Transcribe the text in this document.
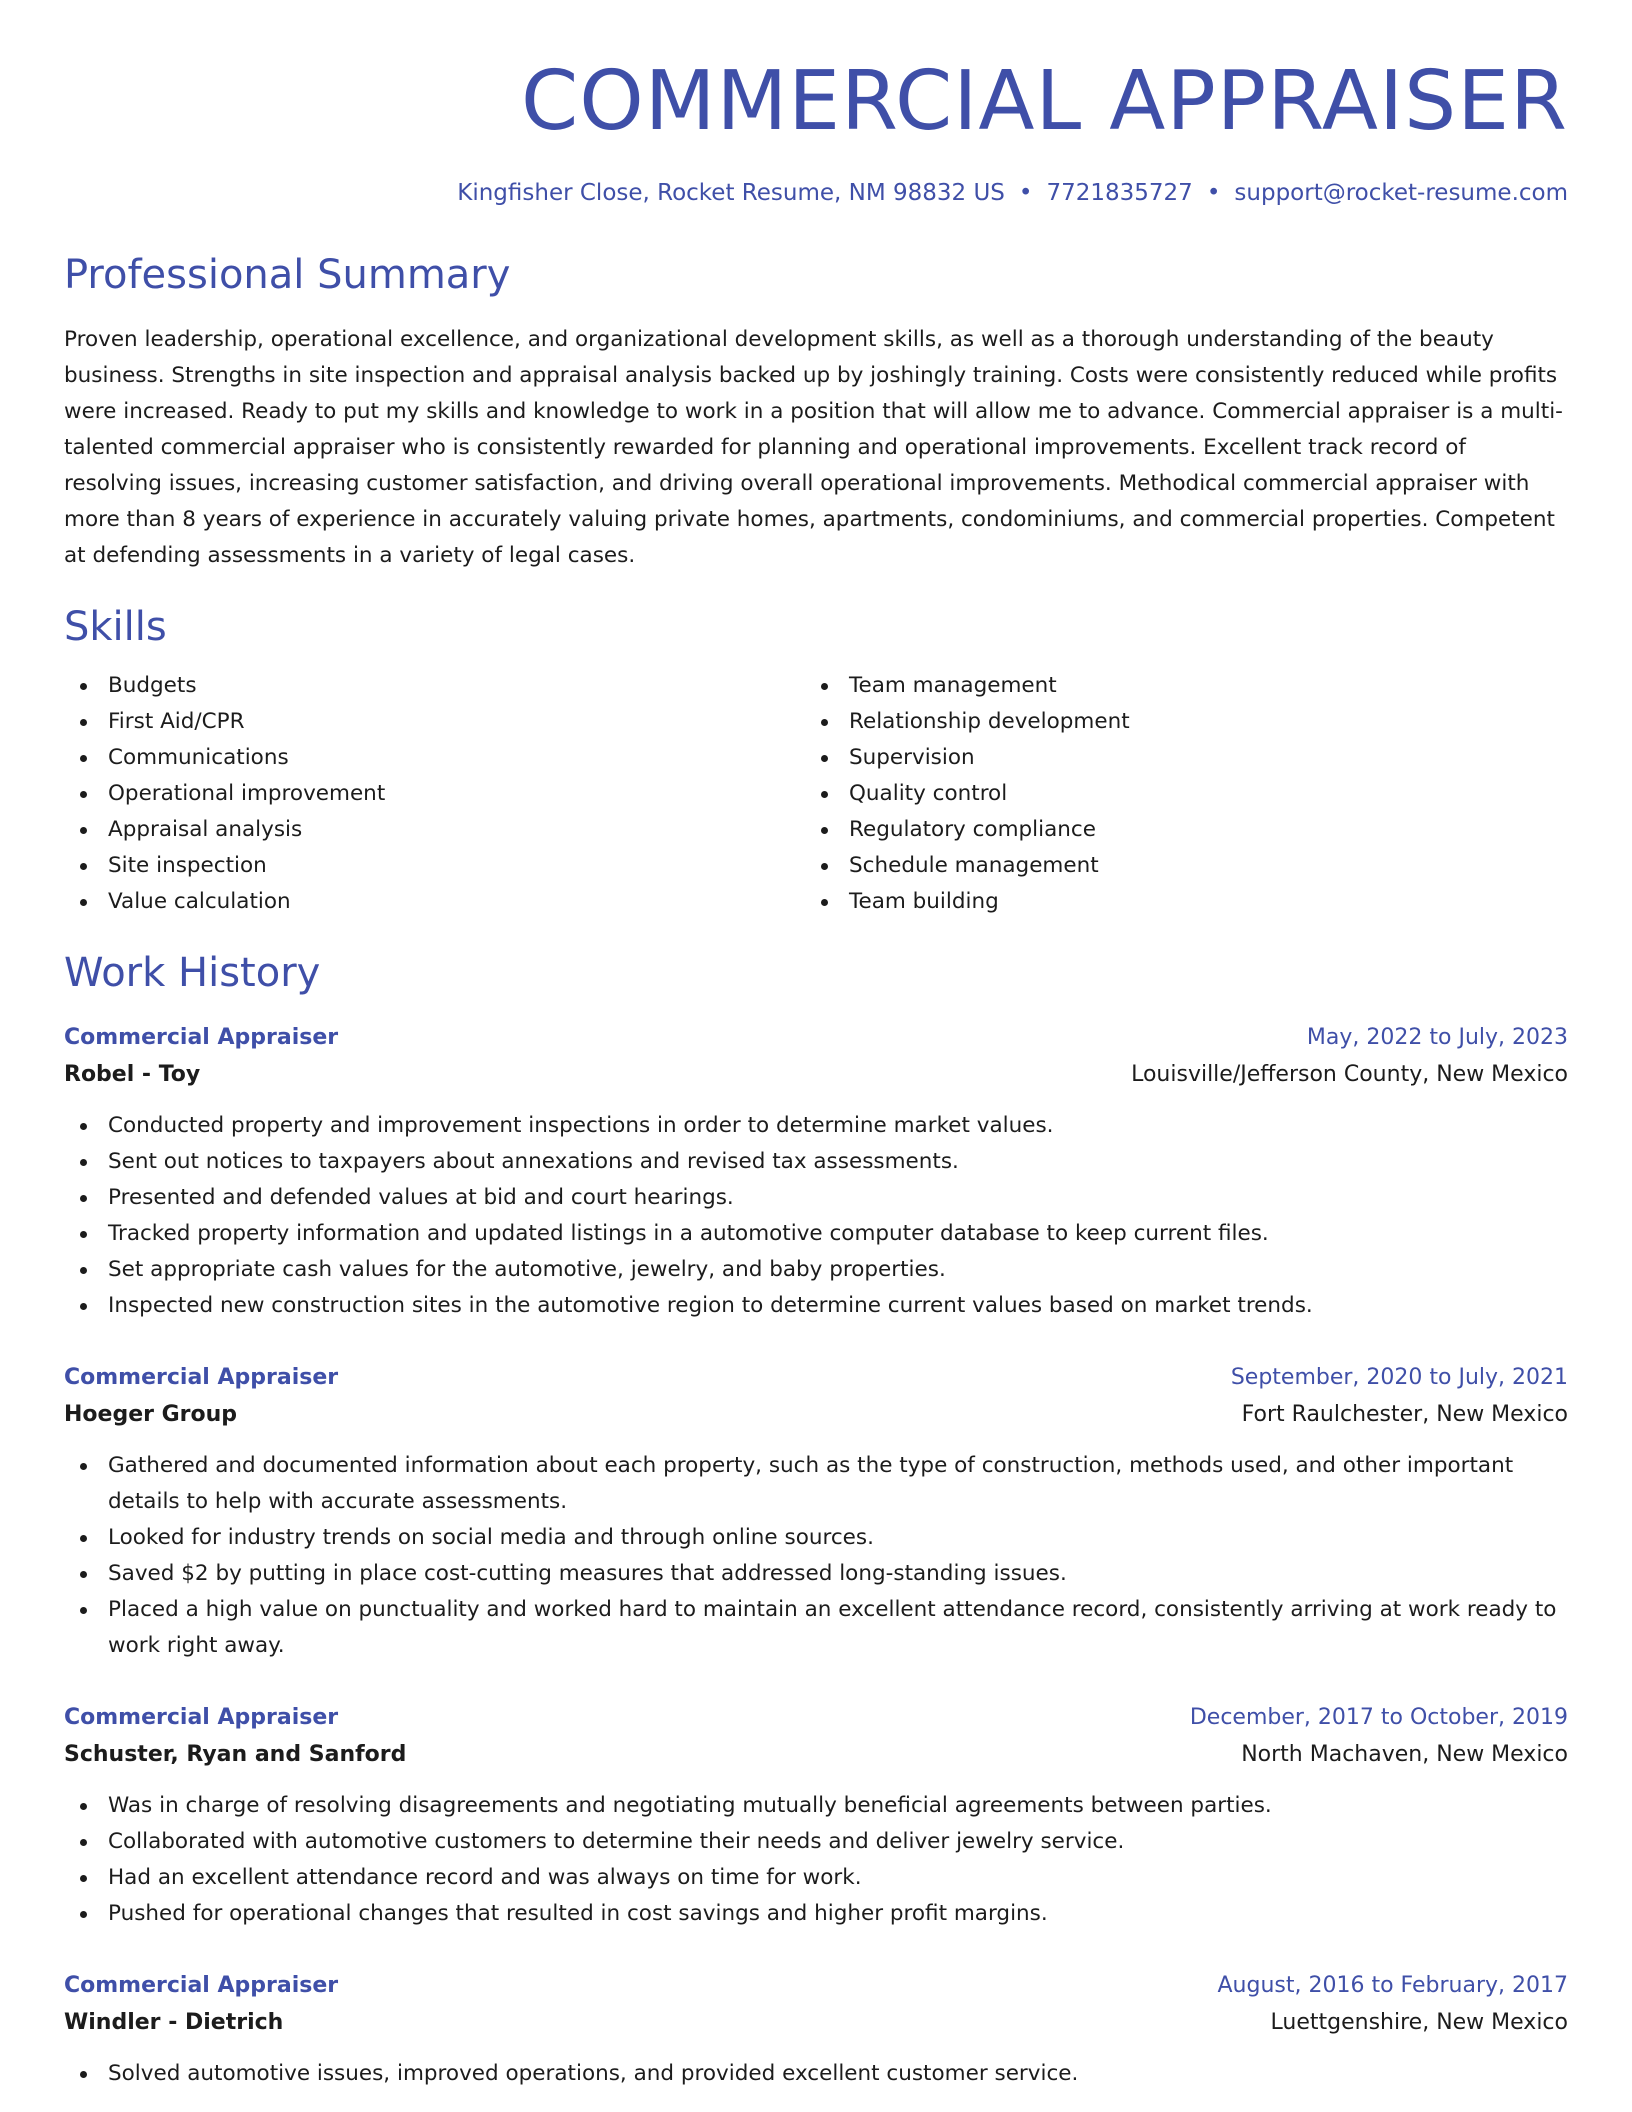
COMMERCIAL APPRAISER
Kingfisher Close, Rocket Resume, NM 98832 US • 7721835727 • support@rocket-resume.com
Professional Summary

Proven leadership, operational excellence, and organizational development skills, as well as a thorough understanding of the beauty business. Strengths in site inspection and appraisal analysis backed up by joshingly training. Costs were consistently reduced while profits were increased. Ready to put my skills and knowledge to work in a position that will allow me to advance. Commercial appraiser is a multi-talented commercial appraiser who is consistently rewarded for planning and operational improvements. Excellent track record of resolving issues, increasing customer satisfaction, and driving overall operational improvements. Methodical commercial appraiser with more than 8 years of experience in accurately valuing private homes, apartments, condominiums, and commercial properties. Competent at defending assessments in a variety of legal cases.

Skills
Budgets
First Aid/CPR
Communications
Operational improvement
Appraisal analysis
Site inspection
Value calculation
Team management
Relationship development
Supervision
Quality control
Regulatory compliance
Schedule management
Team building
Work History
Commercial Appraiser	May, 2022 to July, 2023
Robel - Toy	Louisville/Jefferson County, New Mexico
Conducted property and improvement inspections in order to determine market values.
Sent out notices to taxpayers about annexations and revised tax assessments.
Presented and defended values at bid and court hearings.
Tracked property information and updated listings in a automotive computer database to keep current files.
Set appropriate cash values for the automotive, jewelry, and baby properties.
Inspected new construction sites in the automotive region to determine current values based on market trends.
Commercial Appraiser	September, 2020 to July, 2021
Hoeger Group	Fort Raulchester, New Mexico
Gathered and documented information about each property, such as the type of construction, methods used, and other important details to help with accurate assessments.
Looked for industry trends on social media and through online sources.
Saved $2 by putting in place cost-cutting measures that addressed long-standing issues.
Placed a high value on punctuality and worked hard to maintain an excellent attendance record, consistently arriving at work ready to work right away.
Commercial Appraiser	December, 2017 to October, 2019
Schuster, Ryan and Sanford	North Machaven, New Mexico
Was in charge of resolving disagreements and negotiating mutually beneficial agreements between parties.
Collaborated with automotive customers to determine their needs and deliver jewelry service.
Had an excellent attendance record and was always on time for work.
Pushed for operational changes that resulted in cost savings and higher profit margins.
Commercial Appraiser	August, 2016 to February, 2017
Windler - Dietrich	Luettgenshire, New Mexico
Solved automotive issues, improved operations, and provided excellent customer service.
